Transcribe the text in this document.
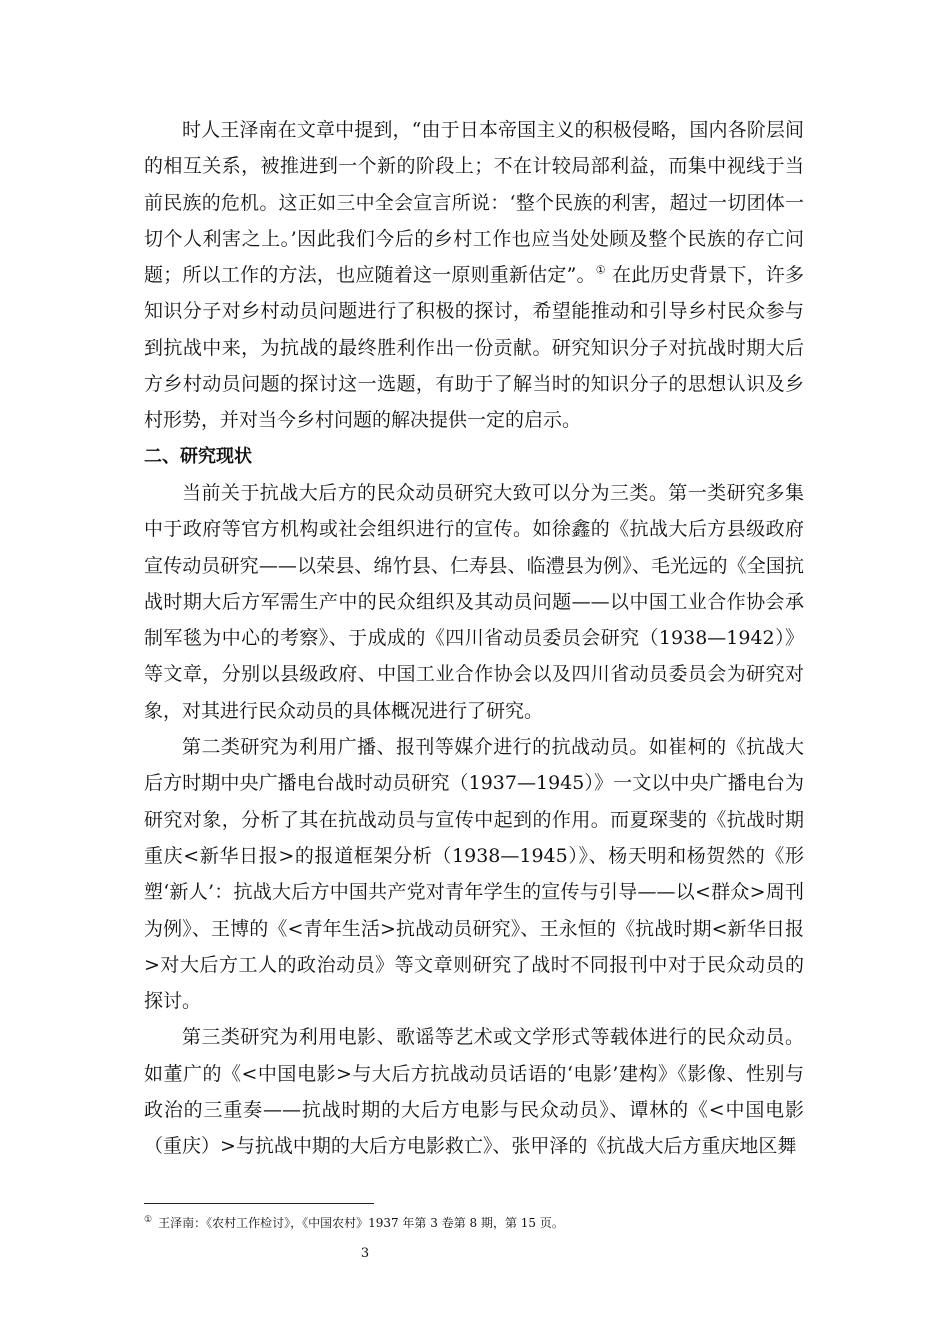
时人王泽南在文章中提到，“由于日本帝国主义的积极侵略，国内各阶层间的相互关系，被推进到一个新的阶段上；不在计较局部利益，而集中视线于当前民族的危机。这正如三中全会宣言所说：‘整个民族的利害，超过一切团体一切个人利害之上。’因此我们今后的乡村工作也应当处处顾及整个民族的存亡问题；所以工作的方法，也应随着这一原则重新估定”。① 在此历史背景下，许多知识分子对乡村动员问题进行了积极的探讨，希望能推动和引导乡村民众参与到抗战中来，为抗战的最终胜利作出一份贡献。研究知识分子对抗战时期大后方乡村动员问题的探讨这一选题，有助于了解当时的知识分子的思想认识及乡村形势，并对当今乡村问题的解决提供一定的启示。

二、研究现状

当前关于抗战大后方的民众动员研究大致可以分为三类。第一类研究多集中于政府等官方机构或社会组织进行的宣传。如徐鑫的《抗战大后方县级政府宣传动员研究——以荣县、绵竹县、仁寿县、临澧县为例》、毛光远的《全国抗战时期大后方军需生产中的民众组织及其动员问题——以中国工业合作协会承制军毯为中心的考察》、于成成的《四川省动员委员会研究（1938—1942）》等文章，分别以县级政府、中国工业合作协会以及四川省动员委员会为研究对象，对其进行民众动员的具体概况进行了研究。

第二类研究为利用广播、报刊等媒介进行的抗战动员。如崔柯的《抗战大后方时期中央广播电台战时动员研究（1937—1945）》一文以中央广播电台为研究对象，分析了其在抗战动员与宣传中起到的作用。而夏琛斐的《抗战时期重庆<新华日报>的报道框架分析（1938—1945）》、杨天明和杨贺然的《形塑‘新人’：抗战大后方中国共产党对青年学生的宣传与引导——以<群众>周刊为例》、王博的《<青年生活>抗战动员研究》、王永恒的《抗战时期<新华日报>对大后方工人的政治动员》等文章则研究了战时不同报刊中对于民众动员的探讨。

第三类研究为利用电影、歌谣等艺术或文学形式等载体进行的民众动员。如董广的《<中国电影>与大后方抗战动员话语的‘电影’建构》《影像、性别与政治的三重奏——抗战时期的大后方电影与民众动员》、谭林的《<中国电影（重庆）>与抗战中期的大后方电影救亡》、张甲泽的《抗战大后方重庆地区舞

① 王泽南：《农村工作检讨》，《中国农村》1937 年第 3 卷第 8 期，第 15 页。
3
